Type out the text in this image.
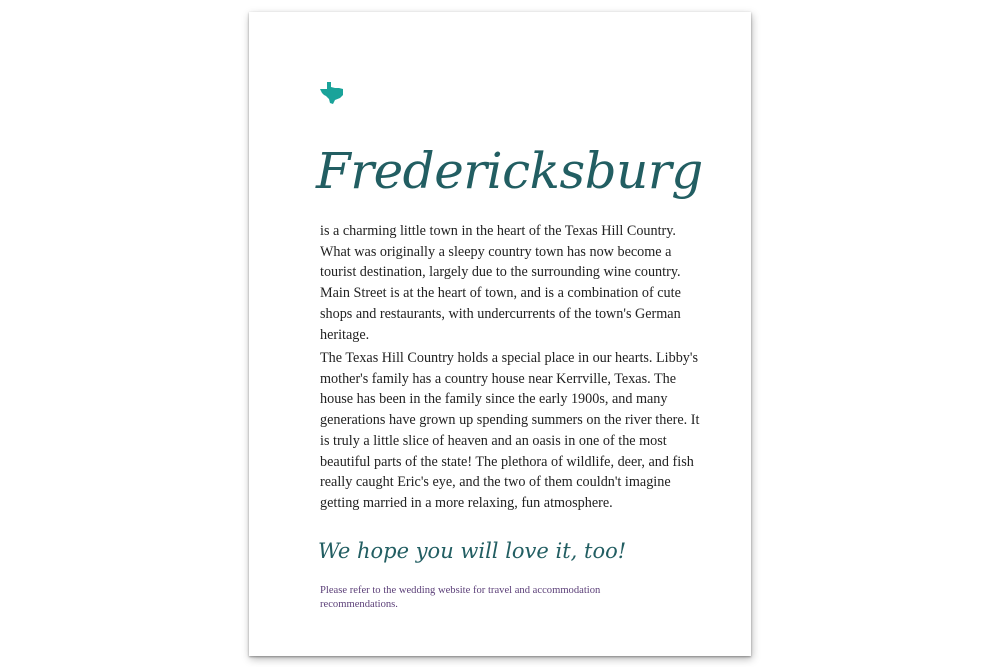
Fredericksburg

is a charming little town in the heart of the Texas Hill Country. What was originally a sleepy country town has now become a tourist destination, largely due to the surrounding wine country. Main Street is at the heart of town, and is a combination of cute shops and restaurants, with undercurrents of the town's German heritage.

The Texas Hill Country holds a special place in our hearts. Libby's mother's family has a country house near Kerrville, Texas. The house has been in the family since the early 1900s, and many generations have grown up spending summers on the river there. It is truly a little slice of heaven and an oasis in one of the most beautiful parts of the state! The plethora of wildlife, deer, and fish really caught Eric's eye, and the two of them couldn't imagine getting married in a more relaxing, fun atmosphere.

We hope you will love it, too!

Please refer to the wedding website for travel and accommodation recommendations.
